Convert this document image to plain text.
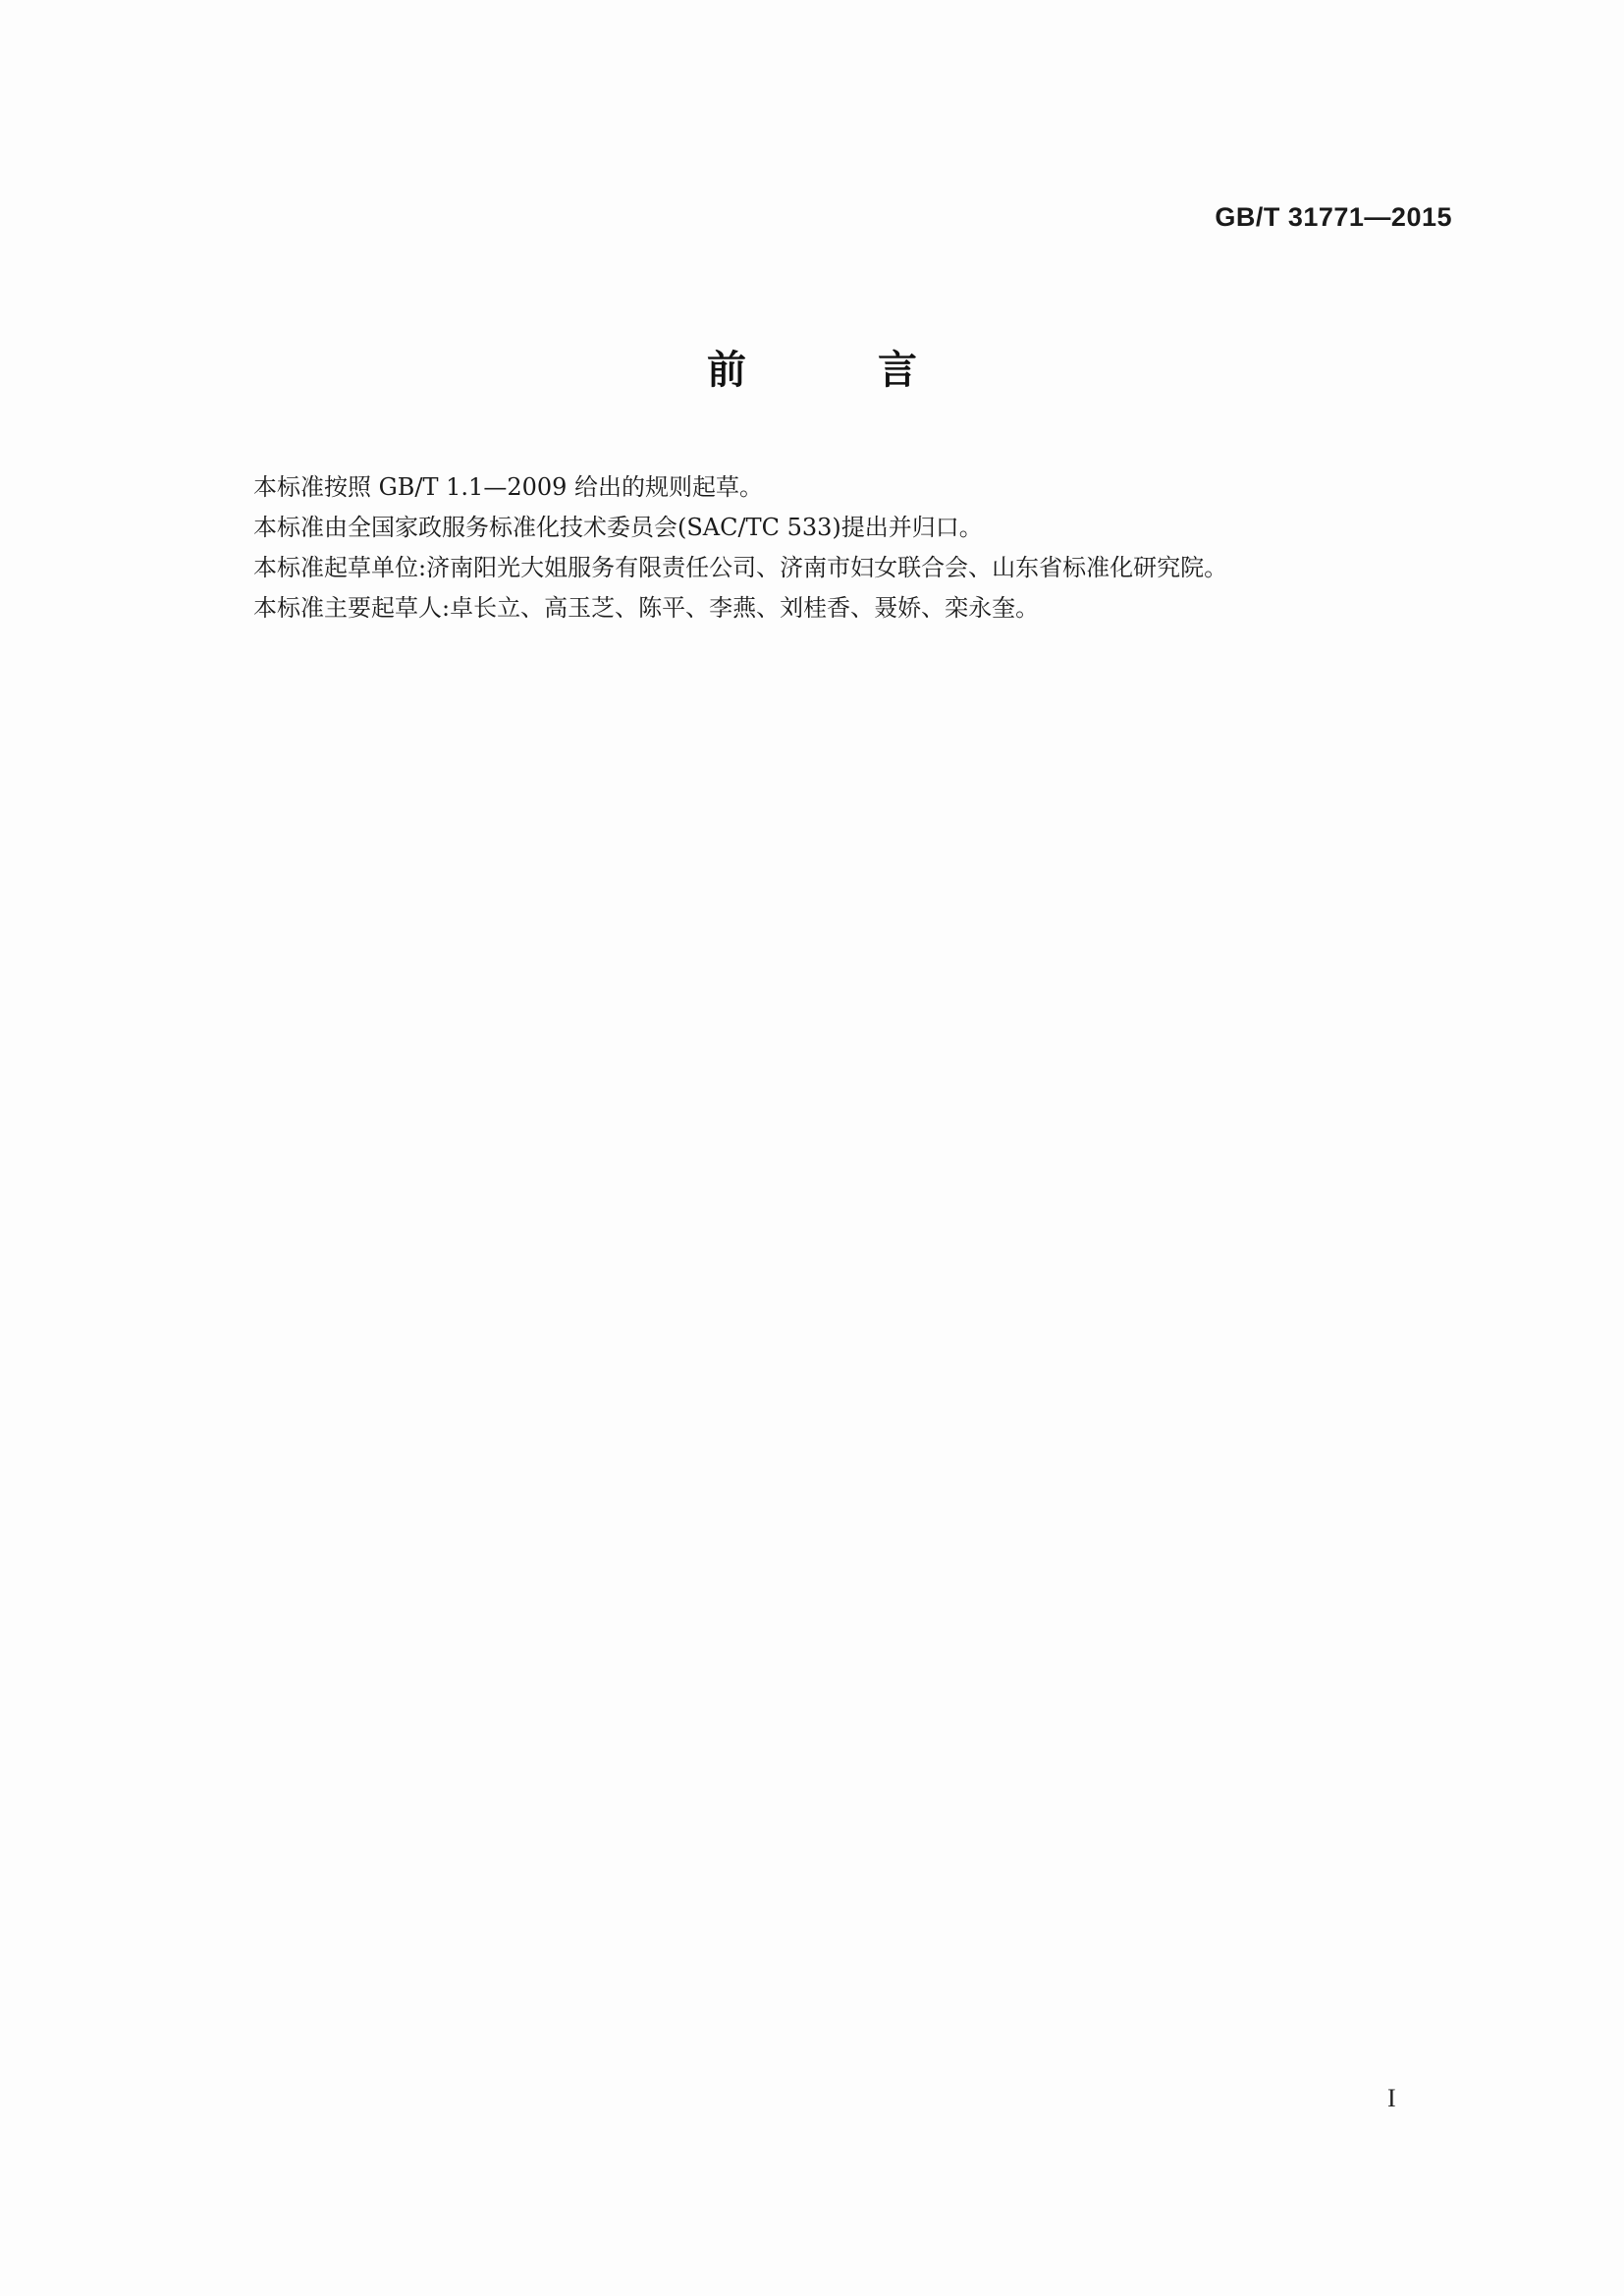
GB/T 31771—2015
前 言

本标准按照 GB/T 1.1—2009 给出的规则起草。

本标准由全国家政服务标准化技术委员会(SAC/TC 533)提出并归口。

本标准起草单位:济南阳光大姐服务有限责任公司、济南市妇女联合会、山东省标准化研究院。

本标准主要起草人:卓长立、高玉芝、陈平、李燕、刘桂香、聂娇、栾永奎。

I
